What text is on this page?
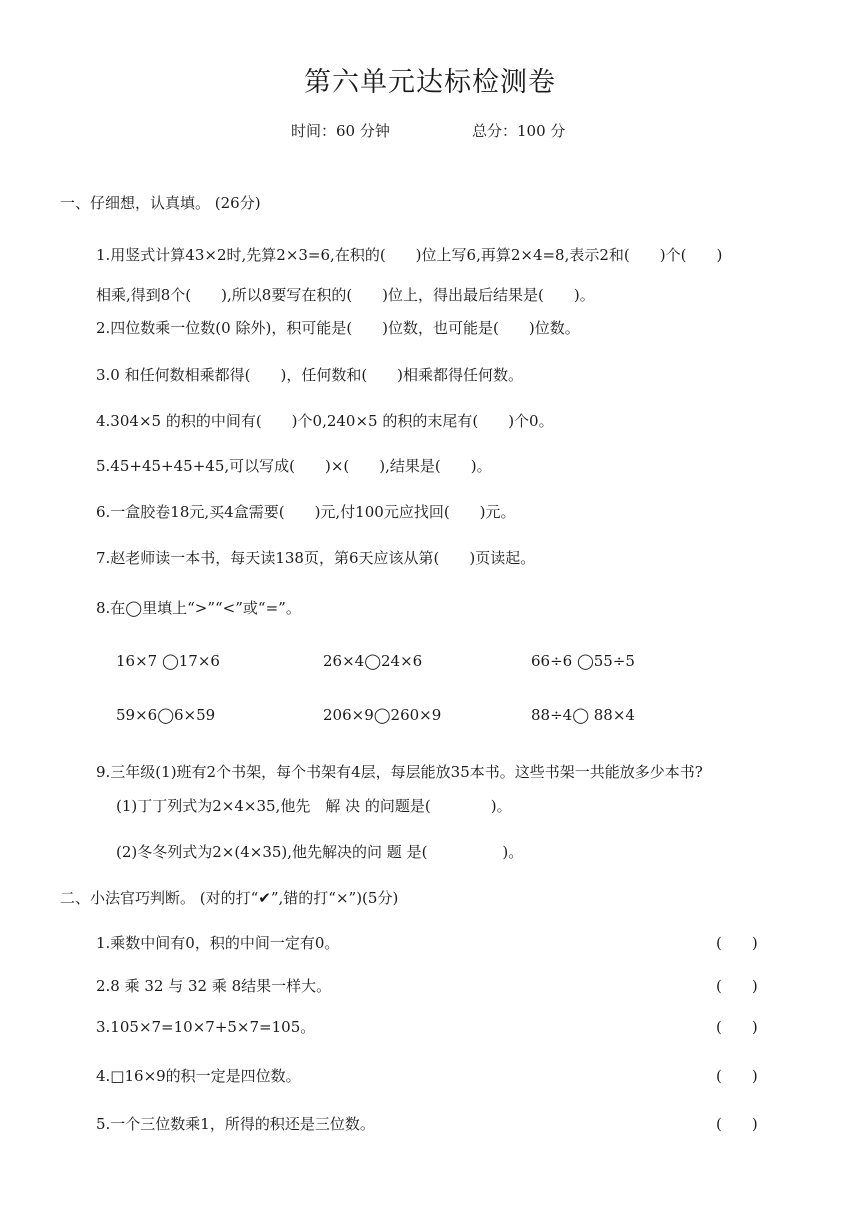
第六单元达标检测卷
时间：60 分钟	总分：100 分
一、仔细想，认真填。 (26分)
1.用竖式计算43×2时,先算2×3=6,在积的(　　)位上写6,再算2×4=8,表示2和(　　)个(　　)
相乘,得到8个(　　),所以8要写在积的(　　)位上，得出最后结果是(　　)。
2.四位数乘一位数(0 除外)，积可能是(　　)位数，也可能是(　　)位数。
3.0 和任何数相乘都得(　　)，任何数和(　　)相乘都得任何数。
4.304×5 的积的中间有(　　)个0,240×5 的积的末尾有(　　)个0。
5.45+45+45+45,可以写成(　　)×(　　),结果是(　　)。
6.一盒胶卷18元,买4盒需要(　　)元,付100元应找回(　　)元。
7.赵老师读一本书，每天读138页，第6天应该从第(　　)页读起。
8.在◯里填上“>”“<”或“=”。
16×7 ◯17×6	26×4◯24×6	66÷6 ◯55÷5
59×6◯6×59	206×9◯260×9	88÷4◯ 88×4
9.三年级(1)班有2个书架，每个书架有4层，每层能放35本书。这些书架一共能放多少本书?
(1)丁丁列式为2×4×35,他先　解 决 的问题是(　　　　)。
(2)冬冬列式为2×(4×35),他先解决的问 题 是(　　　　　)。
二、小法官巧判断。 (对的打“✔”,错的打“×”)(5分)
1.乘数中间有0，积的中间一定有0。	(　　)
2.8 乘 32 与 32 乘 8结果一样大。	(　　)
3.105×7=10×7+5×7=105。	(　　)
4.□16×9的积一定是四位数。	(　　)
5.一个三位数乘1，所得的积还是三位数。	(　　)
